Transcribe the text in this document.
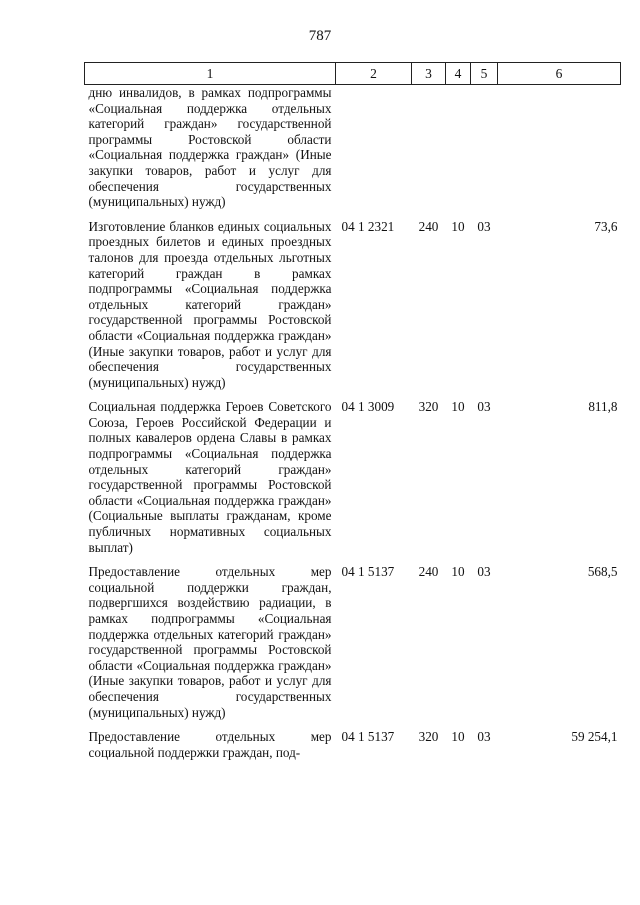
787
1	2	3	4	5	6
дню инвалидов, в рамках подпрограммы «Социальная поддержка отдельных категорий граждан» государственной программы Ростовской области «Социальная поддержка граждан» (Иные закупки товаров, работ и услуг для обеспечения государственных (муниципальных) нужд)					

Изготовление бланков единых социальных проездных билетов и единых проездных талонов для проезда отдельных льготных категорий граждан в рамках подпрограммы «Социальная поддержка отдельных категорий граждан» государственной программы Ростовской области «Социальная поддержка граждан» (Иные закупки товаров, работ и услуг для обеспечения государственных (муниципальных) нужд)	04 1 2321	240	10	03	73,6

Социальная поддержка Героев Советского Союза, Героев Российской Федерации и полных кавалеров ордена Славы в рамках подпрограммы «Социальная поддержка отдельных категорий граждан» государственной программы Ростовской области «Социальная поддержка граждан» (Социальные выплаты гражданам, кроме публичных нормативных социальных выплат)	04 1 3009	320	10	03	811,8

Предоставление отдельных мер социальной поддержки граждан, подвергшихся воздействию радиации, в рамках подпрограммы «Социальная поддержка отдельных категорий граждан» государственной программы Ростовской области «Социальная поддержка граждан» (Иные закупки товаров, работ и услуг для обеспечения государственных (муниципальных) нужд)	04 1 5137	240	10	03	568,5

Предоставление отдельных мер социальной поддержки граждан, под-	04 1 5137	320	10	03	59 254,1
